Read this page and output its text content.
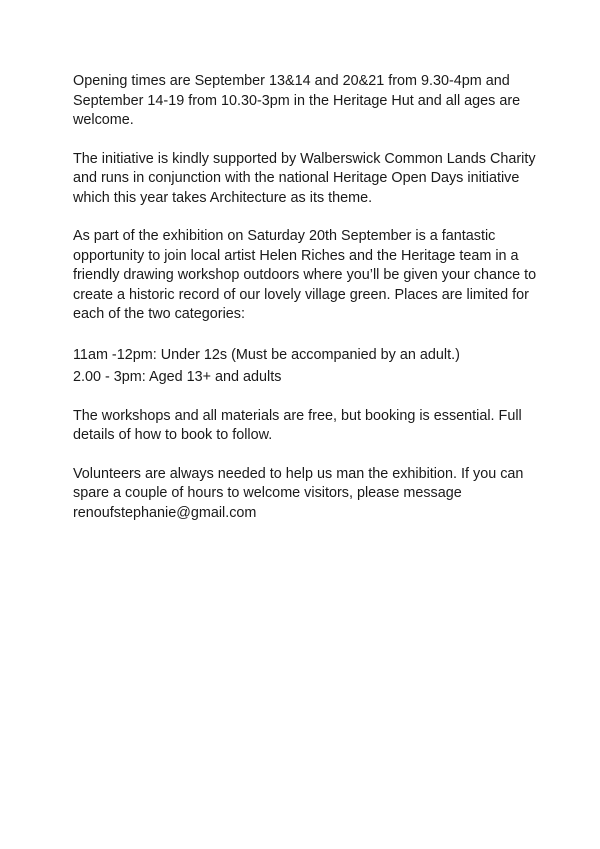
Opening times are September 13&14 and 20&21 from 9.30-4pm and
September 14-19 from 10.30-3pm in the Heritage Hut and all ages are
welcome.

The initiative is kindly supported by Walberswick Common Lands Charity
and runs in conjunction with the national Heritage Open Days initiative
which this year takes Architecture as its theme.

As part of the exhibition on Saturday 20th September is a fantastic
opportunity to join local artist Helen Riches and the Heritage team in a
friendly drawing workshop outdoors where you’ll be given your chance to
create a historic record of our lovely village green. Places are limited for
each of the two categories:

11am -12pm: Under 12s (Must be accompanied by an adult.)
2.00 - 3pm: Aged 13+ and adults

The workshops and all materials are free, but booking is essential. Full
details of how to book to follow.

Volunteers are always needed to help us man the exhibition. If you can
spare a couple of hours to welcome visitors, please message
renoufstephanie@gmail.com
